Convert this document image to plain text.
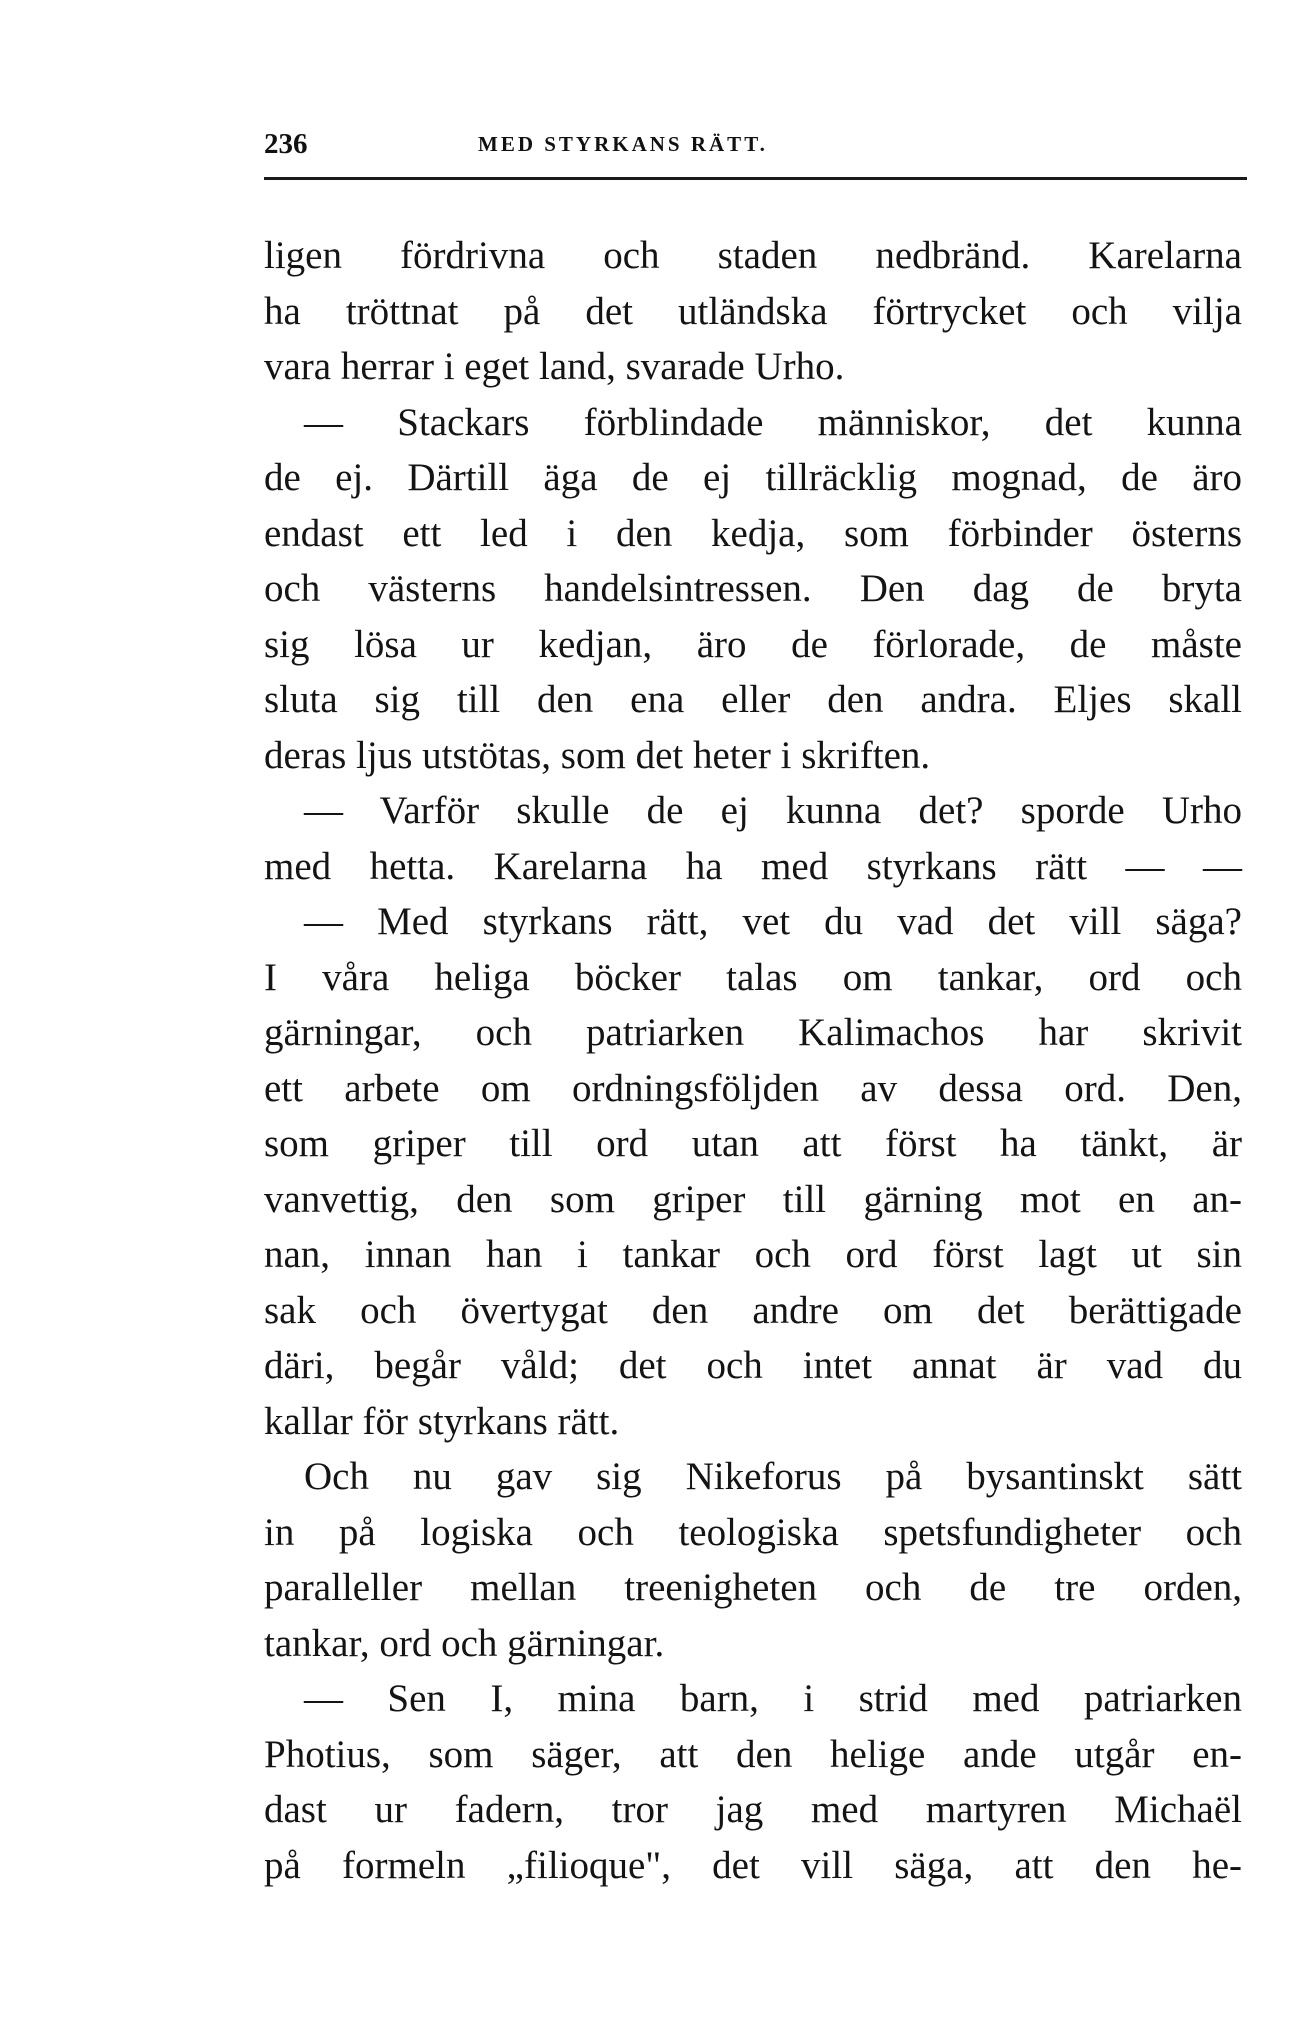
236	MED STYRKANS RÄTT.
ligen fördrivna och staden nedbränd. Karelarna
ha tröttnat på det utländska förtrycket och vilja
vara herrar i eget land, svarade Urho.
— Stackars förblindade människor, det kunna
de ej. Därtill äga de ej tillräcklig mognad, de äro
endast ett led i den kedja, som förbinder österns
och västerns handelsintressen. Den dag de bryta
sig lösa ur kedjan, äro de förlorade, de måste
sluta sig till den ena eller den andra. Eljes skall
deras ljus utstötas, som det heter i skriften.
— Varför skulle de ej kunna det? sporde Urho
med hetta. Karelarna ha med styrkans rätt — —
— Med styrkans rätt, vet du vad det vill säga?
I våra heliga böcker talas om tankar, ord och
gärningar, och patriarken Kalimachos har skrivit
ett arbete om ordningsföljden av dessa ord. Den,
som griper till ord utan att först ha tänkt, är
vanvettig, den som griper till gärning mot en an-
nan, innan han i tankar och ord först lagt ut sin
sak och övertygat den andre om det berättigade
däri, begår våld; det och intet annat är vad du
kallar för styrkans rätt.
Och nu gav sig Nikeforus på bysantinskt sätt
in på logiska och teologiska spetsfundigheter och
paralleller mellan treenigheten och de tre orden,
tankar, ord och gärningar.
— Sen I, mina barn, i strid med patriarken
Photius, som säger, att den helige ande utgår en-
dast ur fadern, tror jag med martyren Michaël
på formeln „filioque", det vill säga, att den he-
